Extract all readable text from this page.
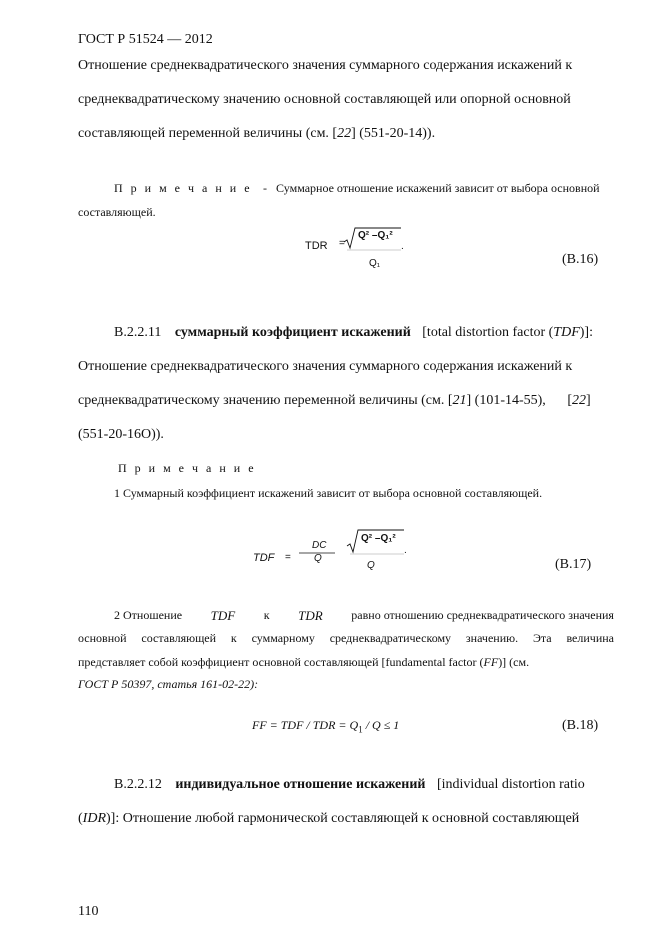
ГОСТ Р 51524 — 2012
Отношение среднеквадратического значения суммарного содержания искажений к
среднеквадратическому значению основной составляющей или опорной основной
составляющей переменной величины (см. [22] (551-20-14)).
П р и м е ч а н и е - Суммарное отношение искажений зависит от выбора основной
составляющей.
TDR =
Q² –Q₁²
.
Q₁	(B.16)
B.2.2.11 суммарный коэффициент искажений [total distortion factor (TDF)]:
Отношение среднеквадратического значения суммарного содержания искажений к
среднеквадратическому значению переменной величины (см. [21] (101-14-55), [22]
(551-20-16О)).
П р и м е ч а н и е
1 Суммарный коэффициент искажений зависит от выбора основной составляющей.
TDF =
DC
Q
Q² –Q₁²
.
Q	(B.17)
2 Отношение TDF к TDR равно отношению среднеквадратического значения
основной составляющей к суммарному среднеквадратическому значению. Эта величина
представляет собой коэффициент основной составляющей [fundamental factor (FF)] (см.
ГОСТ Р 50397, статья 161-02-22):
FF = TDF / TDR = $Q_1 / Q \le 1$	(B.18)
B.2.2.12 индивидуальное отношение искажений [individual distortion ratio
(IDR)]: Отношение любой гармонической составляющей к основной составляющей
110
